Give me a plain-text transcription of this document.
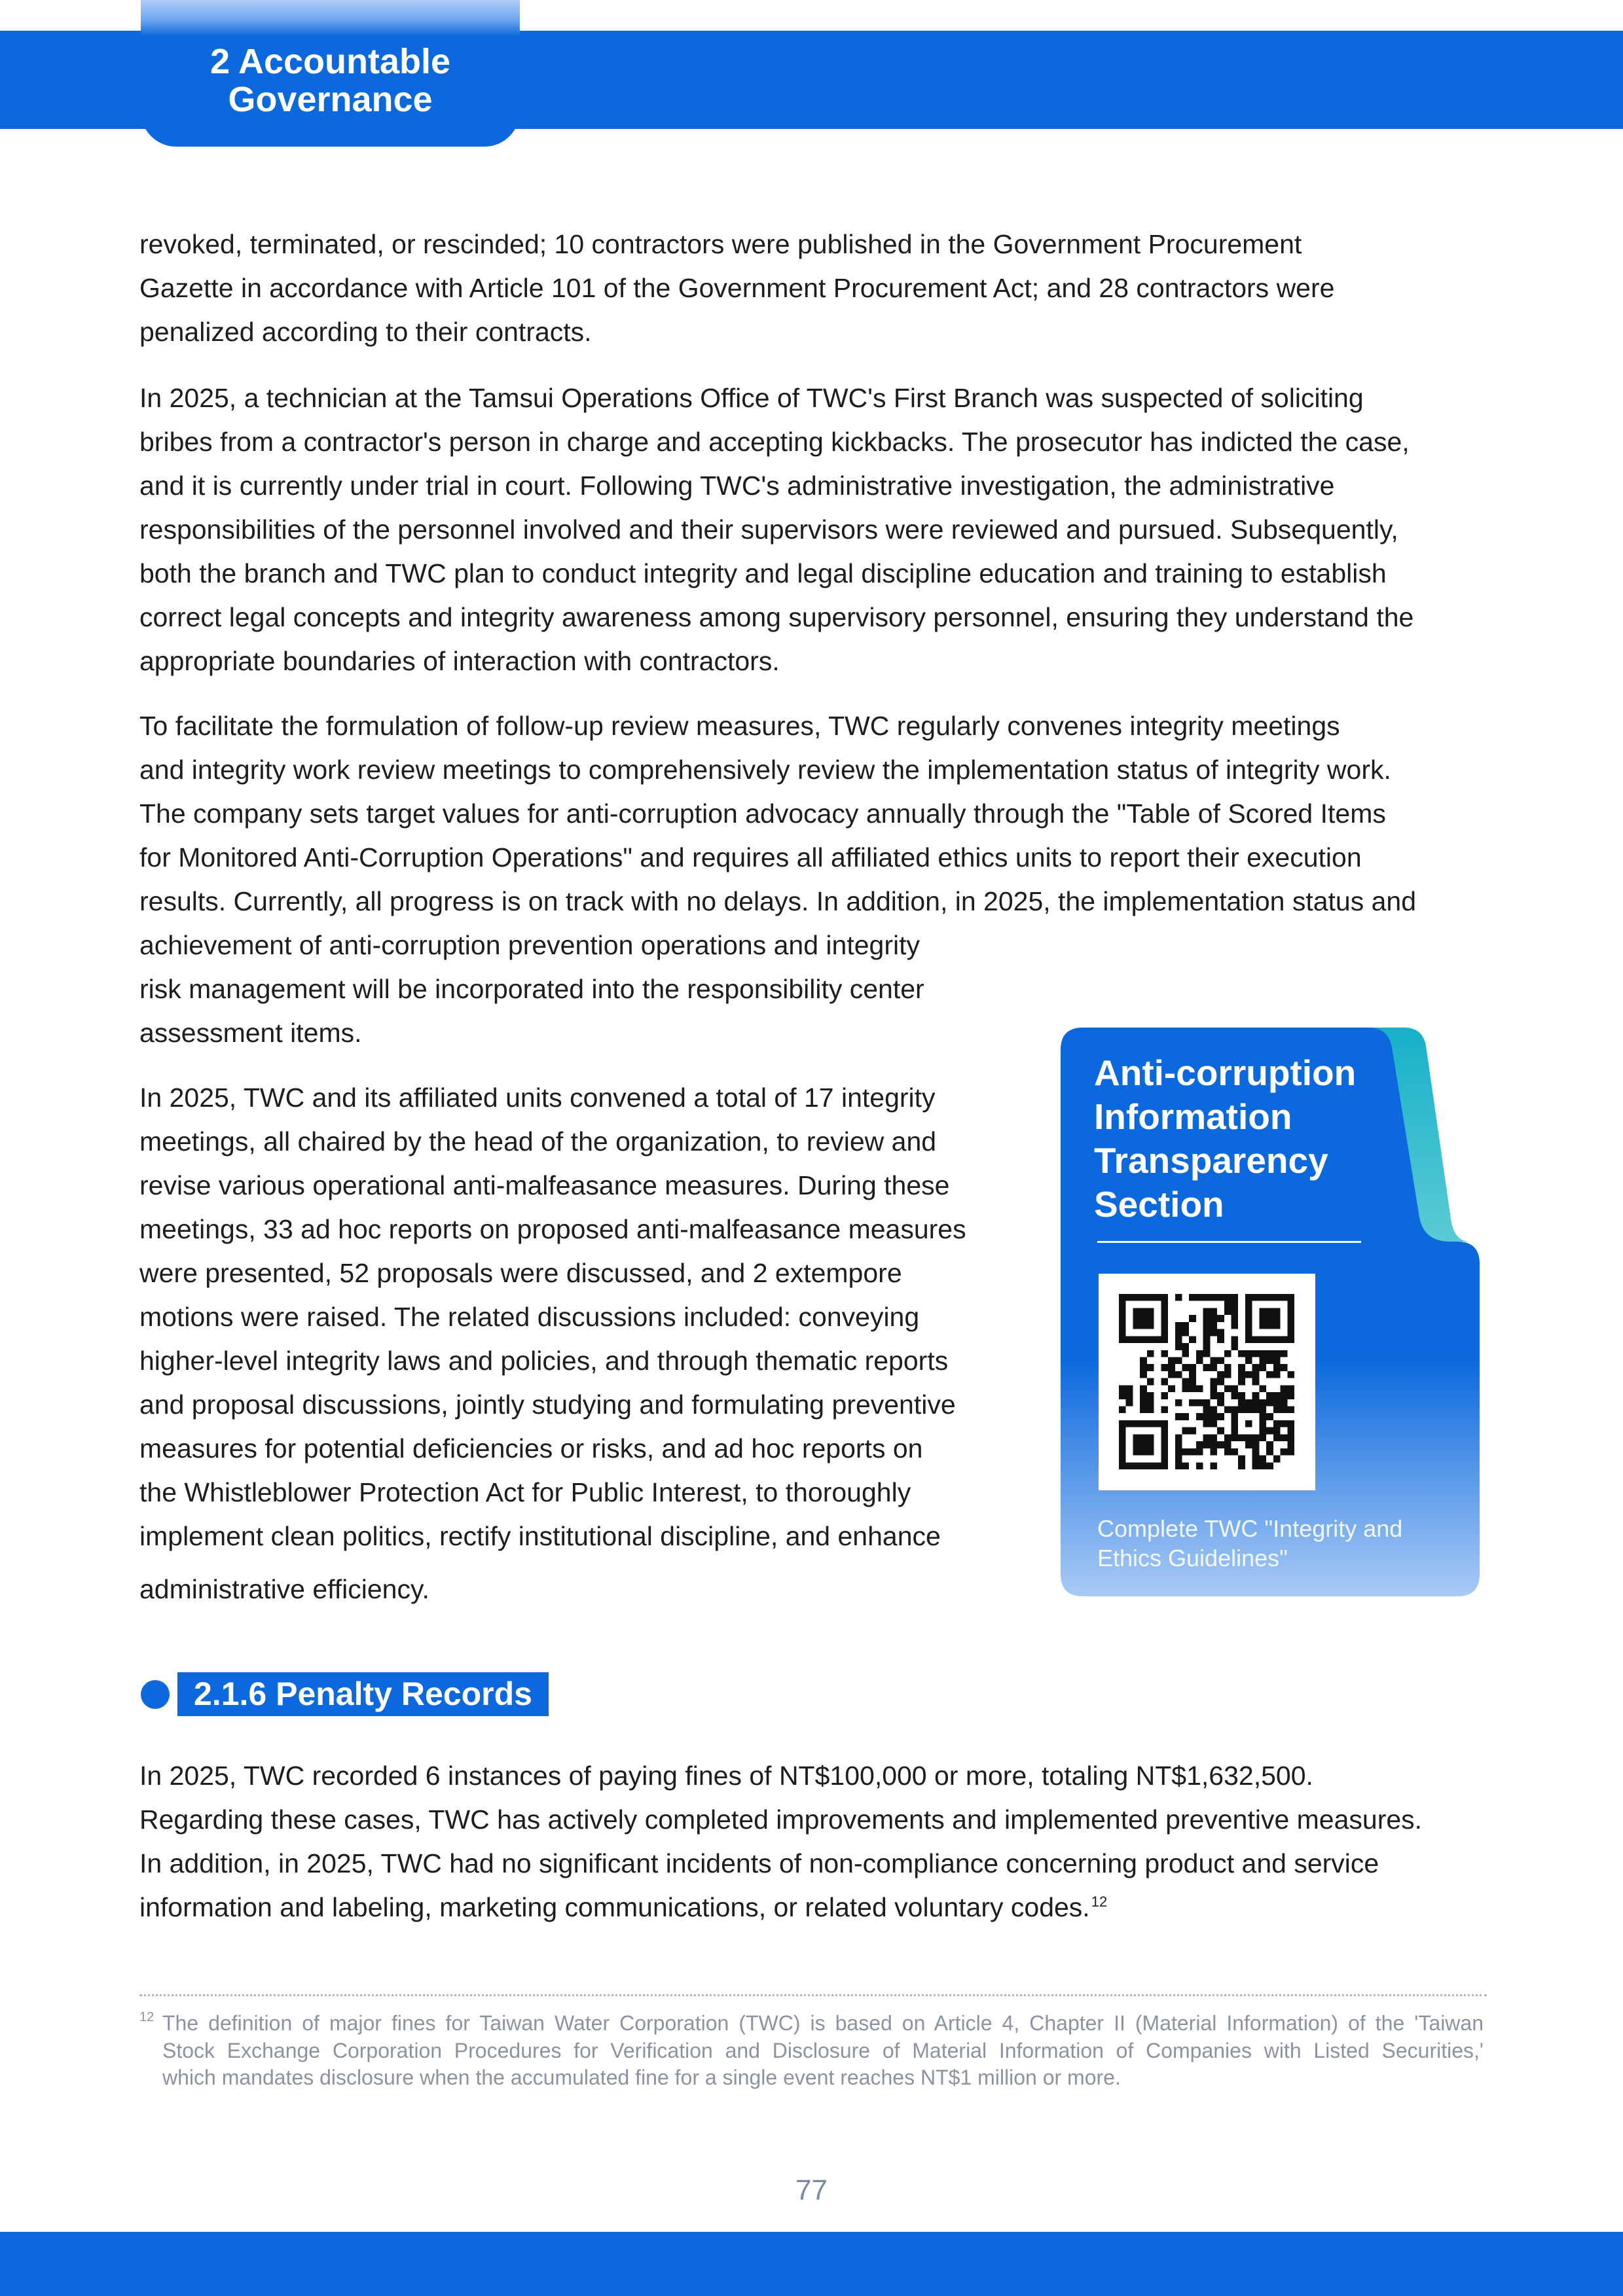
2 Accountable
Governance
revoked, terminated, or rescinded; 10 contractors were published in the Government Procurement
Gazette in accordance with Article 101 of the Government Procurement Act; and 28 contractors were
penalized according to their contracts.
In 2025, a technician at the Tamsui Operations Office of TWC's First Branch was suspected of soliciting
bribes from a contractor's person in charge and accepting kickbacks. The prosecutor has indicted the case,
and it is currently under trial in court. Following TWC's administrative investigation, the administrative
responsibilities of the personnel involved and their supervisors were reviewed and pursued. Subsequently,
both the branch and TWC plan to conduct integrity and legal discipline education and training to establish
correct legal concepts and integrity awareness among supervisory personnel, ensuring they understand the
appropriate boundaries of interaction with contractors.
To facilitate the formulation of follow-up review measures, TWC regularly convenes integrity meetings
and integrity work review meetings to comprehensively review the implementation status of integrity work.
The company sets target values for anti-corruption advocacy annually through the "Table of Scored Items
for Monitored Anti-Corruption Operations" and requires all affiliated ethics units to report their execution
results. Currently, all progress is on track with no delays. In addition, in 2025, the implementation status and
achievement of anti-corruption prevention operations and integrity
risk management will be incorporated into the responsibility center
assessment items.
In 2025, TWC and its affiliated units convened a total of 17 integrity
meetings, all chaired by the head of the organization, to review and
revise various operational anti-malfeasance measures. During these
meetings, 33 ad hoc reports on proposed anti-malfeasance measures
were presented, 52 proposals were discussed, and 2 extempore
motions were raised. The related discussions included: conveying
higher-level integrity laws and policies, and through thematic reports
and proposal discussions, jointly studying and formulating preventive
measures for potential deficiencies or risks, and ad hoc reports on
the Whistleblower Protection Act for Public Interest, to thoroughly
implement clean politics, rectify institutional discipline, and enhance
administrative efficiency.
Anti-corruption
Information
Transparency
Section
Complete TWC "Integrity and
Ethics Guidelines"
2.1.6 Penalty Records
In 2025, TWC recorded 6 instances of paying fines of NT$100,000 or more, totaling NT$1,632,500.
Regarding these cases, TWC has actively completed improvements and implemented preventive measures.
In addition, in 2025, TWC had no significant incidents of non-compliance concerning product and service
information and labeling, marketing communications, or related voluntary codes.$^{12}$
12 The definition of major fines for Taiwan Water Corporation (TWC) is based on Article 4, Chapter II (Material Information) of the 'Taiwan
Stock Exchange Corporation Procedures for Verification and Disclosure of Material Information of Companies with Listed Securities,'
which mandates disclosure when the accumulated fine for a single event reaches NT$1 million or more.
77
